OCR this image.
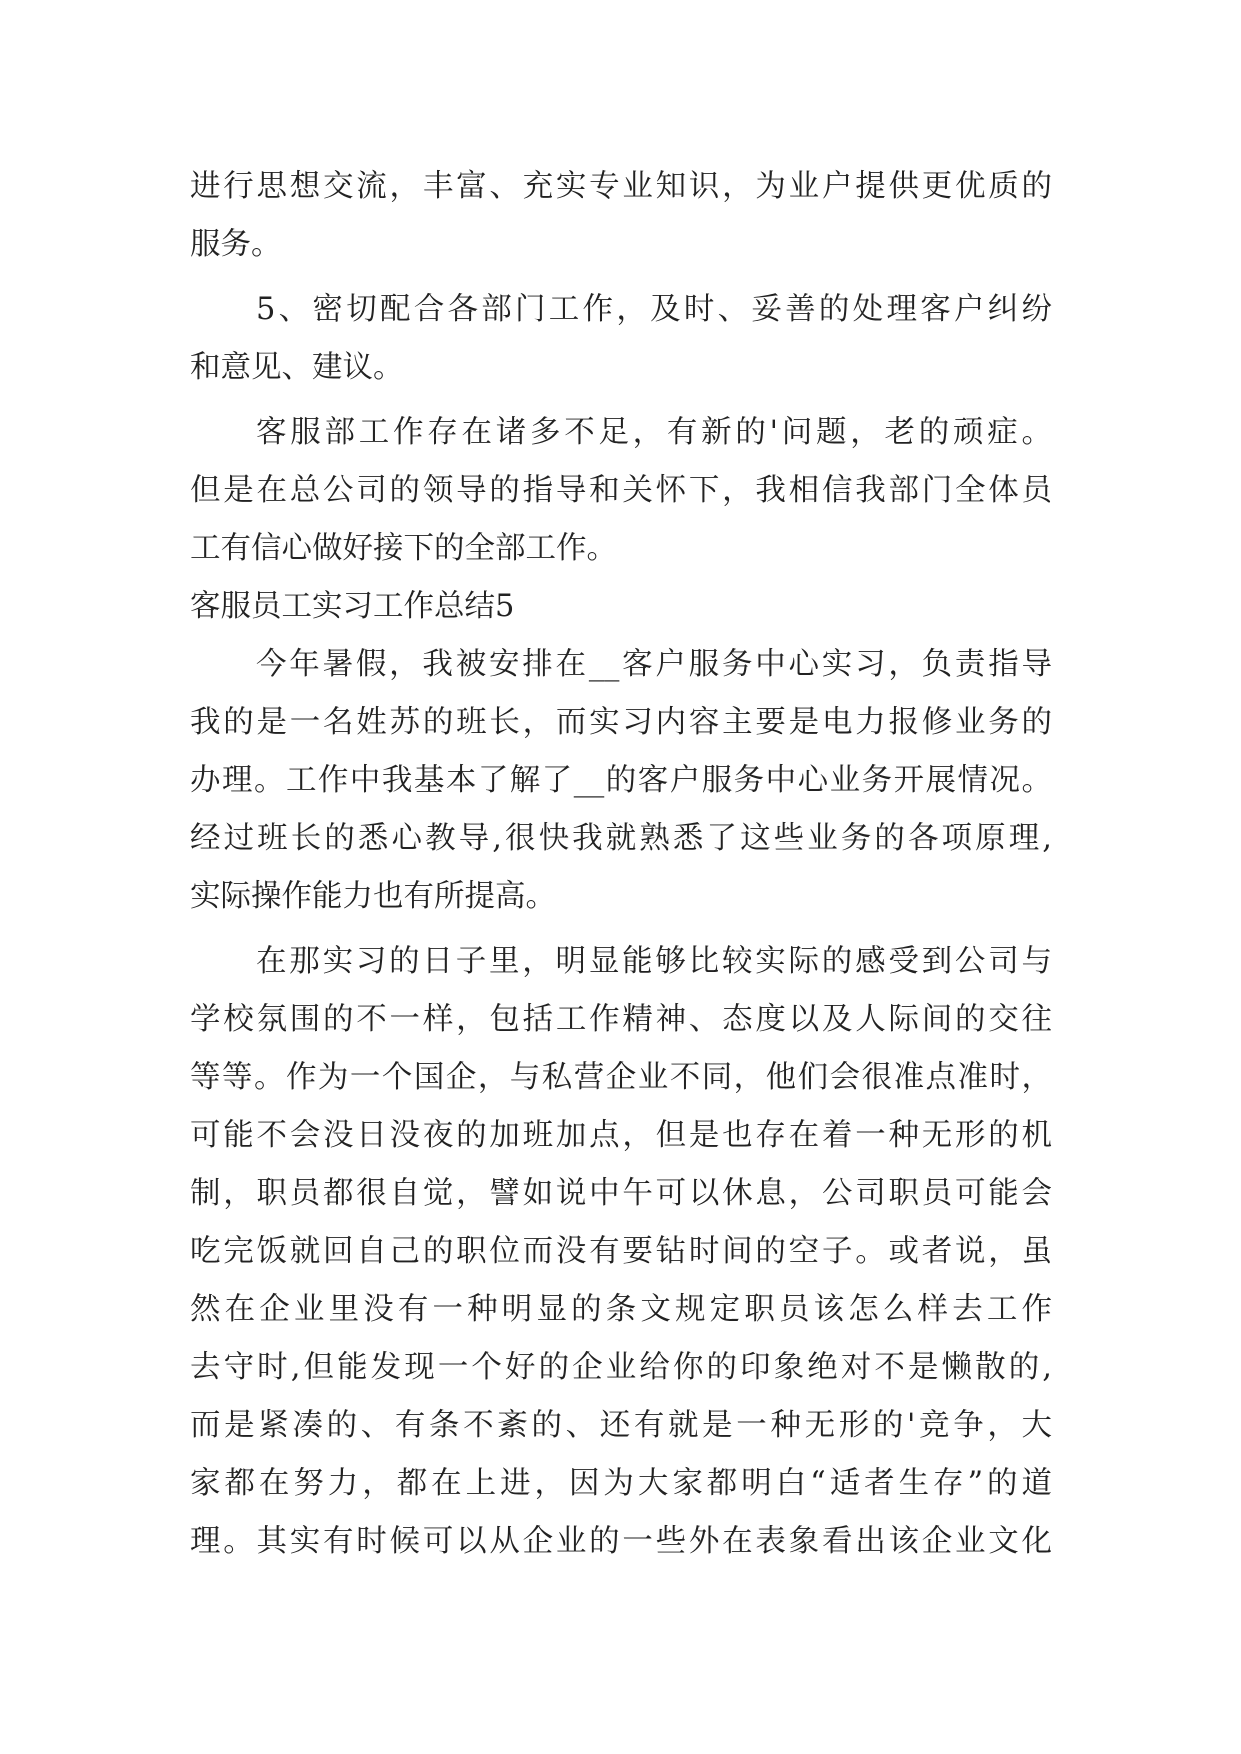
进行思想交流，丰富、充实专业知识，为业户提供更优质的
服务。
5、密切配合各部门工作，及时、妥善的处理客户纠纷
和意见、建议。
客服部工作存在诸多不足，有新的'问题，老的顽症。
但是在总公司的领导的指导和关怀下，我相信我部门全体员
工有信心做好接下的全部工作。
客服员工实习工作总结5
今年暑假，我被安排在__客户服务中心实习，负责指导
我的是一名姓苏的班长，而实习内容主要是电力报修业务的
办理。工作中我基本了解了__的客户服务中心业务开展情况。
经过班长的悉心教导,很快我就熟悉了这些业务的各项原理,
实际操作能力也有所提高。
在那实习的日子里，明显能够比较实际的感受到公司与
学校氛围的不一样，包括工作精神、态度以及人际间的交往
等等。作为一个国企，与私营企业不同，他们会很准点准时，
可能不会没日没夜的加班加点，但是也存在着一种无形的机
制，职员都很自觉，譬如说中午可以休息，公司职员可能会
吃完饭就回自己的职位而没有要钻时间的空子。或者说，虽
然在企业里没有一种明显的条文规定职员该怎么样去工作
去守时,但能发现一个好的企业给你的印象绝对不是懒散的,
而是紧凑的、有条不紊的、还有就是一种无形的'竞争，大
家都在努力，都在上进，因为大家都明白“适者生存”的道
理。其实有时候可以从企业的一些外在表象看出该企业文化
